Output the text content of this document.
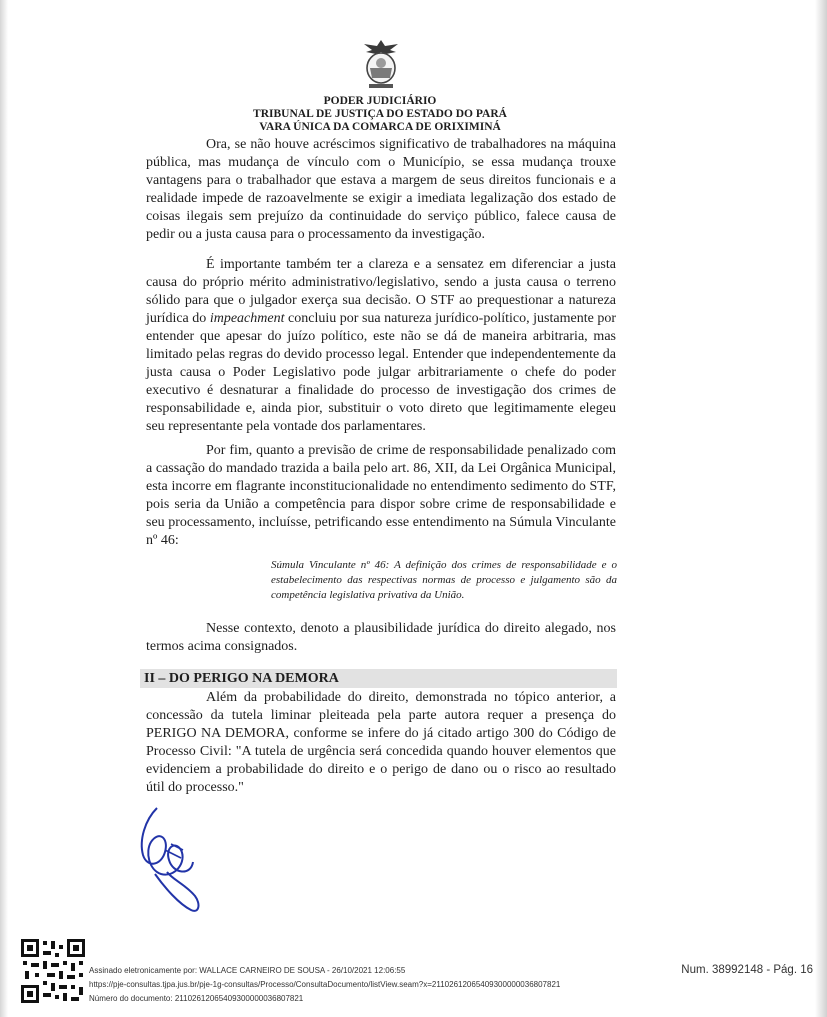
PODER JUDICIÁRIO
TRIBUNAL DE JUSTIÇA DO ESTADO DO PARÁ
VARA ÚNICA DA COMARCA DE ORIXIMINÁ

Ora, se não houve acréscimos significativo de trabalhadores na máquina pública, mas mudança de vínculo com o Município, se essa mudança trouxe vantagens para o trabalhador que estava a margem de seus direitos funcionais e a realidade impede de razoavelmente se exigir a imediata legalização dos estado de coisas ilegais sem prejuízo da continuidade do serviço público, falece causa de pedir ou a justa causa para o processamento da investigação.

É importante também ter a clareza e a sensatez em diferenciar a justa causa do próprio mérito administrativo/legislativo, sendo a justa causa o terreno sólido para que o julgador exerça sua decisão. O STF ao prequestionar a natureza jurídica do impeachment concluiu por sua natureza jurídico-político, justamente por entender que apesar do juízo político, este não se dá de maneira arbitraria, mas limitado pelas regras do devido processo legal. Entender que independentemente da justa causa o Poder Legislativo pode julgar arbitrariamente o chefe do poder executivo é desnaturar a finalidade do processo de investigação dos crimes de responsabilidade e, ainda pior, substituir o voto direto que legitimamente elegeu seu representante pela vontade dos parlamentares.

Por fim, quanto a previsão de crime de responsabilidade penalizado com a cassação do mandado trazida a baila pelo art. 86, XII, da Lei Orgânica Municipal, esta incorre em flagrante inconstitucionalidade no entendimento sedimento do STF, pois seria da União a competência para dispor sobre crime de responsabilidade e seu processamento, incluísse, petrificando esse entendimento na Súmula Vinculante nº 46:

Súmula Vinculante nº 46: A definição dos crimes de responsabilidade e o estabelecimento das respectivas normas de processo e julgamento são da competência legislativa privativa da União.

Nesse contexto, denoto a plausibilidade jurídica do direito alegado, nos termos acima consignados.

II – DO PERIGO NA DEMORA

Além da probabilidade do direito, demonstrada no tópico anterior, a concessão da tutela liminar pleiteada pela parte autora requer a presença do PERIGO NA DEMORA, conforme se infere do já citado artigo 300 do Código de Processo Civil: "A tutela de urgência será concedida quando houver elementos que evidenciem a probabilidade do direito e o perigo de dano ou o risco ao resultado útil do processo."

Assinado eletronicamente por: WALLACE CARNEIRO DE SOUSA - 26/10/2021 12:06:55
https://pje-consultas.tjpa.jus.br/pje-1g-consultas/Processo/ConsultaDocumento/listView.seam?x=21102612065409300000036807821
Número do documento: 21102612065409300000036807821
Num. 38992148 - Pág. 16
